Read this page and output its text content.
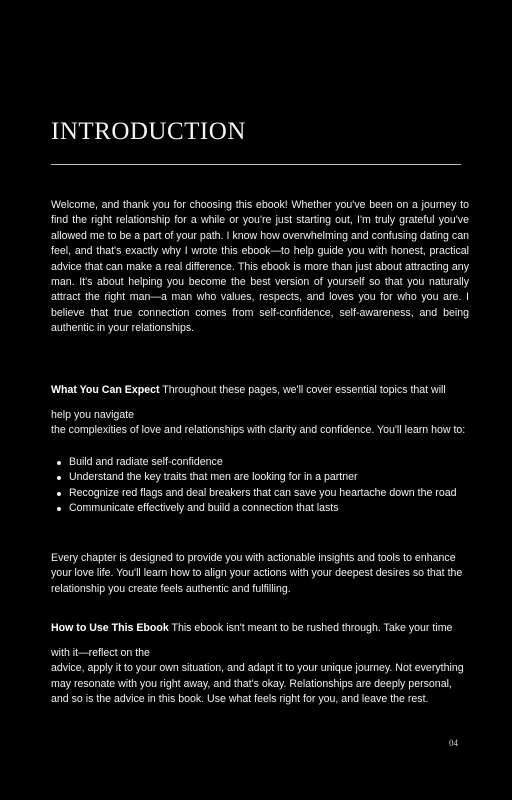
INTRODUCTION

Welcome, and thank you for choosing this ebook! Whether you've been on a journey to find the right relationship for a while or you're just starting out, I'm truly grateful you've allowed me to be a part of your path. I know how overwhelming and confusing dating can feel, and that's exactly why I wrote this ebook—to help guide you with honest, practical advice that can make a real difference. This ebook is more than just about attracting any man. It's about helping you become the best version of yourself so that you naturally attract the right man—a man who values, respects, and loves you for who you are. I believe that true connection comes from self-confidence, self-awareness, and being authentic in your relationships.

What You Can Expect Throughout these pages, we'll cover essential topics that will

help you navigate
the complexities of love and relationships with clarity and confidence. You'll learn how to:

Build and radiate self-confidence
Understand the key traits that men are looking for in a partner
Recognize red flags and deal breakers that can save you heartache down the road
Communicate effectively and build a connection that lasts

Every chapter is designed to provide you with actionable insights and tools to enhance your love life. You'll learn how to align your actions with your deepest desires so that the relationship you create feels authentic and fulfilling.

How to Use This Ebook This ebook isn't meant to be rushed through. Take your time

with it—reflect on the
advice, apply it to your own situation, and adapt it to your unique journey. Not everything may resonate with you right away, and that's okay. Relationships are deeply personal, and so is the advice in this book. Use what feels right for you, and leave the rest.

04
